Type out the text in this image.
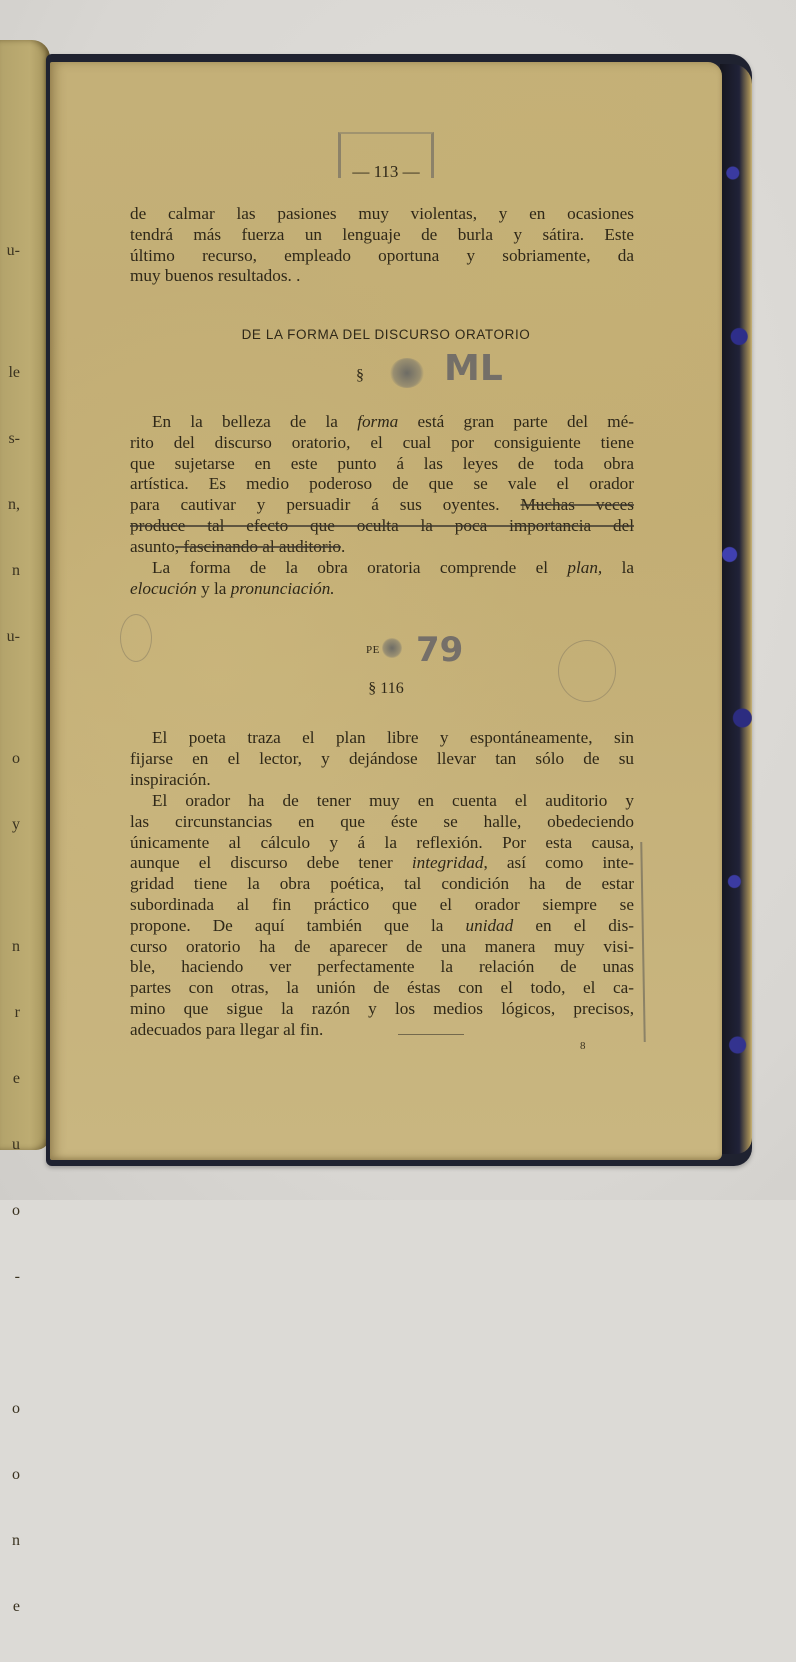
u-

le

s-

n,

n

u-

o

y

n

r

e

u

o

-

o

o

n

e

— 113 —
de calmar las pasiones muy violentas, y en ocasiones
tendrá más fuerza un lenguaje de burla y sátira. Este
último recurso, empleado oportuna y sobriamente, da
muy buenos resultados. .
DE LA FORMA DEL DISCURSO ORATORIO
§	ML
En la belleza de la forma está gran parte del mé-
rito del discurso oratorio, el cual por consiguiente tiene
que sujetarse en este punto á las leyes de toda obra
artística. Es medio poderoso de que se vale el orador
para cautivar y persuadir á sus oyentes. Muchas veces
produce tal efecto que oculta la poca importancia del
asunto, fascinando al auditorio.
La forma de la obra oratoria comprende el plan, la
elocución y la pronunciación.
PE 79
§ 116
El poeta traza el plan libre y espontáneamente, sin
fijarse en el lector, y dejándose llevar tan sólo de su
inspiración.
El orador ha de tener muy en cuenta el auditorio y
las circunstancias en que éste se halle, obedeciendo
únicamente al cálculo y á la reflexión. Por esta causa,
aunque el discurso debe tener integridad, así como inte-
gridad tiene la obra poética, tal condición ha de estar
subordinada al fin práctico que el orador siempre se
propone. De aquí también que la unidad en el dis-
curso oratorio ha de aparecer de una manera muy visi-
ble, haciendo ver perfectamente la relación de unas
partes con otras, la unión de éstas con el todo, el ca-
mino que sigue la razón y los medios lógicos, precisos,
adecuados para llegar al fin.
8
